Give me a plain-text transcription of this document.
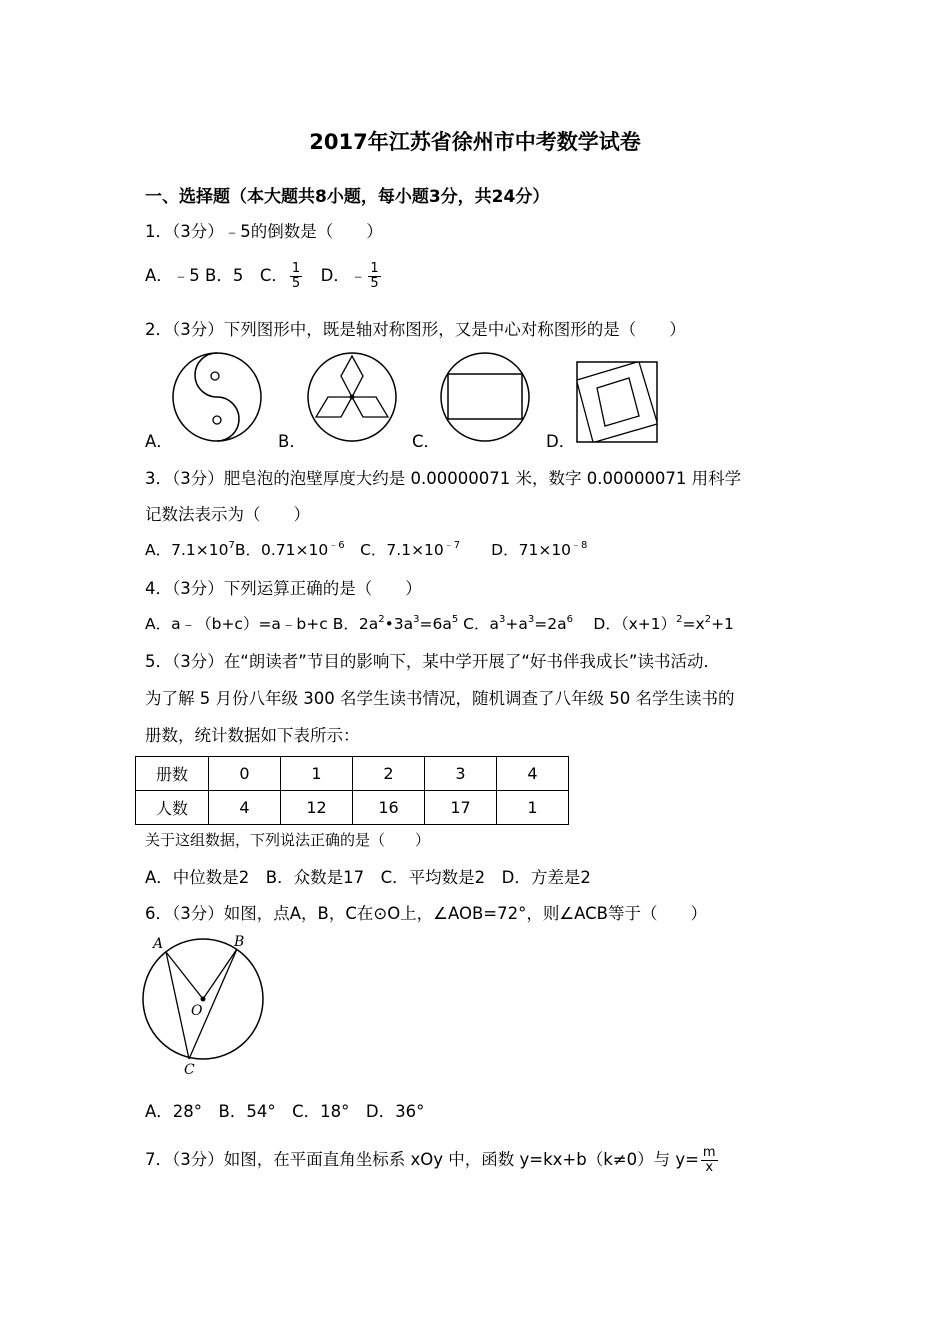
2017年江苏省徐州市中考数学试卷
一、选择题（本大题共8小题，每小题3分，共24分）
1．（3分）﹣5的倒数是（　　）
A．﹣5 B．5　C． $\frac{1}{5}$
　 D．﹣ $\frac{1}{5}$
2．（3分）下列图形中，既是轴对称图形，又是中心对称图形的是（　　）
A．	B．	C．	D．
3．（3分）肥皂泡的泡壁厚度大约是 0.00000071 米，数字 0.00000071 用科学
记数法表示为（　　）
A．$7.1\times 10^7B$．$0.71\times 10^{﹣6}$　 C．$7.1\times 10^{﹣7}$　　 D．$71\times 10^{﹣8}$
4．（3分）下列运算正确的是（　　）
A．a﹣（b+c）=a﹣b+c B．$2a^2•3a^3=6a^5$ C．$a^3+a^3=2a^6$　 D．$(x+1)^2=x^2+1$
5．（3分）在“朗读者”节目的影响下，某中学开展了“好书伴我成长”读书活动．
为了解 5 月份八年级 300 名学生读书情况，随机调查了八年级 50 名学生读书的
册数，统计数据如下表所示：
册数	0	1	2	3	4
人数	4	12	16	17	1
关于这组数据，下列说法正确的是（　　）
A．中位数是2　B．众数是17　C．平均数是2　D．方差是2
6．（3分）如图，点A，B，C在⊙O上，∠AOB=72°，则∠ACB等于（　　）
A	B
C
O
A．28°　B．54°　C．18°　D．36°
7．（3分）如图，在平面直角坐标系 xOy 中，函数 y=kx+b（k≠0）与 $y= \frac{m}{x}$
